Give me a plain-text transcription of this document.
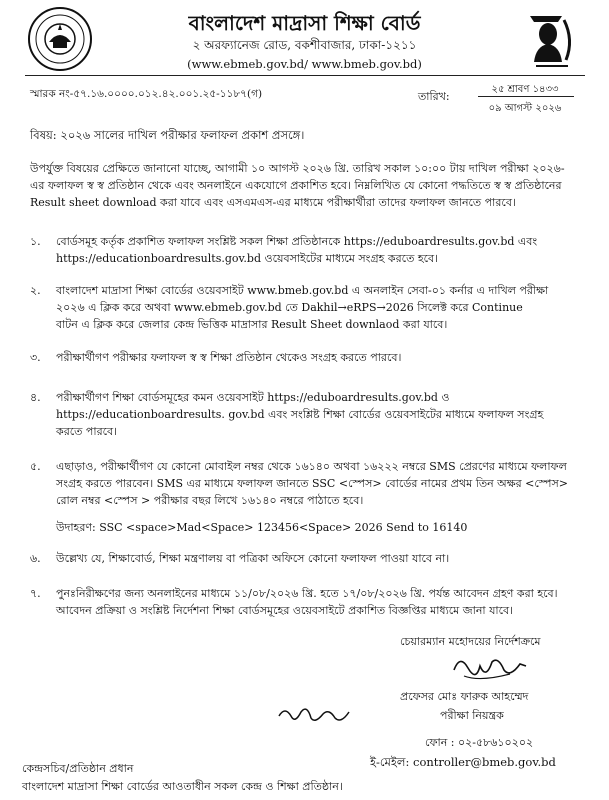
বাংলাদেশ মাদ্রাসা শিক্ষা বোর্ড
২ অরফ্যানেজ রোড, বকশীবাজার, ঢাকা-১২১১
(www.ebmeb.gov.bd/ www.bmeb.gov.bd)
স্মারক নং-৫৭.১৬.০০০০.০১২.৪২.০০১.২৫-১১৮৭(গ)	তারিখ:
২৫ শ্রাবণ ১৪৩৩
০৯ আগস্ট ২০২৬
বিষয়: ২০২৬ সালের দাখিল পরীক্ষার ফলাফল প্রকাশ প্রসঙ্গে।
উপর্যুক্ত বিষয়ের প্রেক্ষিতে জানানো যাচ্ছে, আগামী ১০ আগস্ট ২০২৬ খ্রি. তারিখ সকাল ১০:০০ টায় দাখিল পরীক্ষা ২০২৬-
এর ফলাফল স্ব স্ব প্রতিষ্ঠান থেকে এবং অনলাইনে একযোগে প্রকাশিত হবে। নিম্নলিখিত যে কোনো পদ্ধতিতে স্ব স্ব প্রতিষ্ঠানের
Result sheet download করা যাবে এবং এসএমএস-এর মাধ্যমে পরীক্ষার্থীরা তাদের ফলাফল জানতে পারবে।
১. বোর্ডসমূহ কর্তৃক প্রকাশিত ফলাফল সংশ্লিষ্ট সকল শিক্ষা প্রতিষ্ঠানকে https://eduboardresults.gov.bd এবং
https://educationboardresults.gov.bd ওয়েবসাইটের মাধ্যমে সংগ্রহ করতে হবে।
২. বাংলাদেশ মাদ্রাসা শিক্ষা বোর্ডের ওয়েবসাইট www.bmeb.gov.bd এ অনলাইন সেবা-০১ কর্নার এ দাখিল পরীক্ষা
২০২৬ এ ক্লিক করে অথবা www.ebmeb.gov.bd তে Dakhil→eRPS→2026 সিলেক্ট করে Continue
বাটন এ ক্লিক করে জেলার কেন্দ্র ভিত্তিক মাদ্রাসার Result Sheet downlaod করা যাবে।
৩. পরীক্ষার্থীগণ পরীক্ষার ফলাফল স্ব স্ব শিক্ষা প্রতিষ্ঠান থেকেও সংগ্রহ করতে পারবে।
৪. পরীক্ষার্থীগণ শিক্ষা বোর্ডসমূহের কমন ওয়েবসাইট https://eduboardresults.gov.bd ও
https://educationboardresults. gov.bd এবং সংশ্লিষ্ট শিক্ষা বোর্ডের ওয়েবসাইটের মাধ্যমে ফলাফল সংগ্রহ
করতে পারবে।
৫. এছাড়াও, পরীক্ষার্থীগণ যে কোনো মোবাইল নম্বর থেকে ১৬১৪০ অথবা ১৬২২২ নম্বরে SMS প্রেরণের মাধ্যমে ফলাফল
সংগ্রহ করতে পারবেন। SMS এর মাধ্যমে ফলাফল জানতে SSC <স্পেস> বোর্ডের নামের প্রথম তিন অক্ষর <স্পেস>
রোল নম্বর <স্পেস > পরীক্ষার বছর লিখে ১৬১৪০ নম্বরে পাঠাতে হবে।
উদাহরণ: SSC <space>Mad<Space> 123456<Space> 2026 Send to 16140
৬. উল্লেখ্য যে, শিক্ষাবোর্ড, শিক্ষা মন্ত্রণালয় বা পত্রিকা অফিসে কোনো ফলাফল পাওয়া যাবে না।
৭. পুনঃনিরীক্ষণের জন্য অনলাইনের মাধ্যমে ১১/০৮/২০২৬ খ্রি. হতে ১৭/০৮/২০২৬ খ্রি. পর্যন্ত আবেদন গ্রহণ করা হবে।
আবেদন প্রক্রিয়া ও সংশ্লিষ্ট নির্দেশনা শিক্ষা বোর্ডসমূহের ওয়েবসাইটে প্রকাশিত বিজ্ঞপ্তির মাধ্যমে জানা যাবে।
চেয়ারম্যান মহোদয়ের নির্দেশক্রমে
প্রফেসর মোঃ ফারুক আহম্মেদ
পরীক্ষা নিয়ন্ত্রক
ফোন : ০২-৫৮৬১০২০২
ই-মেইল: controller@bmeb.gov.bd
কেন্দ্রসচিব/প্রতিষ্ঠান প্রধান
বাংলাদেশ মাদ্রাসা শিক্ষা বোর্ডের আওতাধীন সকল কেন্দ্র ও শিক্ষা প্রতিষ্ঠান।
